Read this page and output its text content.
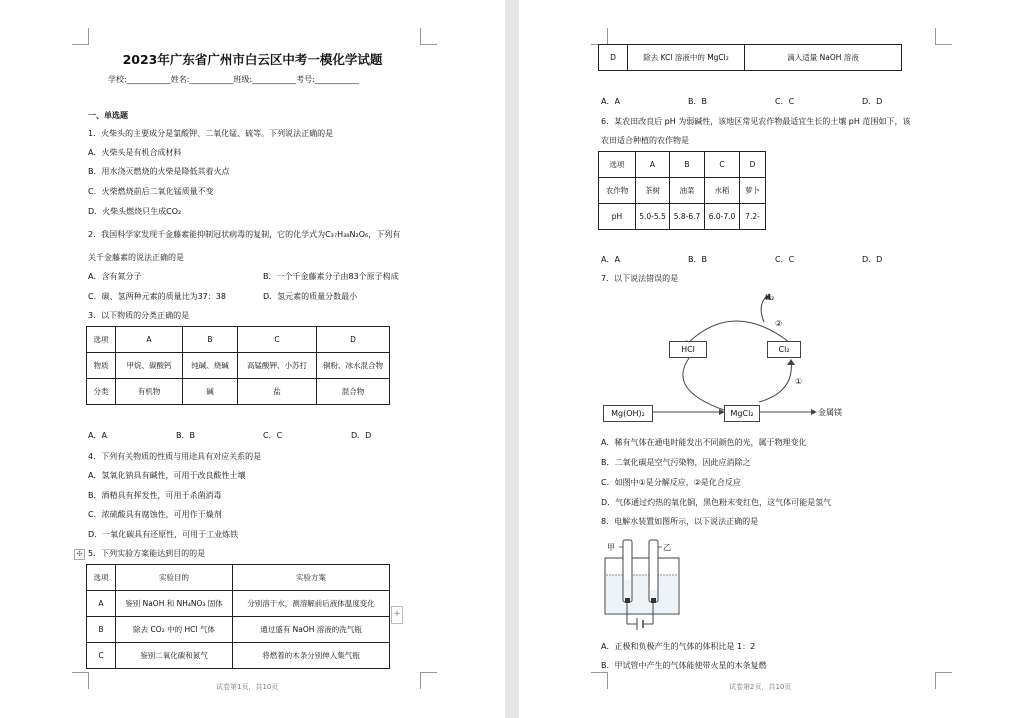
2023年广东省广州市白云区中考一模化学试题
学校:___________姓名:___________班级:___________考号:___________
一、单选题
1．火柴头的主要成分是氯酸钾、二氧化锰、硫等。下列说法正确的是
A．火柴头是有机合成材料
B．用水浇灭燃烧的火柴是降低其着火点
C．火柴燃烧前后二氧化锰质量不变
D．火柴头燃烧只生成CO₂
2．我国科学家发现千金藤素能抑制冠状病毒的复制，它的化学式为C₃₇H₃₈N₂O₆，下列有
关千金藤素的说法正确的是
A．含有氮分子	B．一个千金藤素分子由83个原子构成
C．碳、氢两种元素的质量比为37：38	D．氢元素的质量分数最小
3．以下物质的分类正确的是
选项	A	B	C	D
物质	甲烷、碳酸钙	纯碱、烧碱	高锰酸钾、小苏打	铜粉、冰水混合物
分类	有机物	碱	盐	混合物
A．A	B．B	C．C	D．D
4．下列有关物质的性质与用途具有对应关系的是
A．氢氧化钠具有碱性，可用于改良酸性土壤
B．酒精具有挥发性，可用于杀菌消毒
C．浓硫酸具有腐蚀性，可用作干燥剂
D．一氧化碳具有还原性，可用于工业炼铁
✣ 5．下列实验方案能达到目的的是
选项	实验目的	实验方案
A	鉴别 NaOH 和 NH₄NO₃ 固体	分别溶于水，测溶解前后液体温度变化
B	除去 CO₂ 中的 HCl 气体	通过盛有 NaOH 溶液的洗气瓶
C	鉴别二氧化碳和氮气	将燃着的木条分别伸入集气瓶
+
试卷第1页，共10页
D	除去 KCl 溶液中的 MgCl₂	滴入适量 NaOH 溶液
A．A	B．B	C．C	D．D
6．某农田改良后 pH 为弱碱性，该地区常见农作物最适宜生长的土壤 pH 范围如下，该
农田适合种植的农作物是
选项	A	B	C	D
农作物	茶树	油菜	水稻	萝卜
pH	5.0-5.5	5.8-6.7	6.0-7.0	7.2-
A．A	B．B	C．C	D．D
7．以下说法错误的是
H₂
②
HCl	Cl₂
①
Mg(OH)₂	MgCl₂	金属镁
A．稀有气体在通电时能发出不同颜色的光，属于物理变化
B．二氧化碳是空气污染物，因此应消除之
C．如图中①是分解反应，②是化合反应
D．气体通过灼热的氧化铜，黑色粉末变红色，这气体可能是氢气
8．电解水装置如图所示，以下说法正确的是
甲	乙
A．正极和负极产生的气体的体积比是 1：2
B．甲试管中产生的气体能使带火星的木条复燃
试卷第2页，共10页
